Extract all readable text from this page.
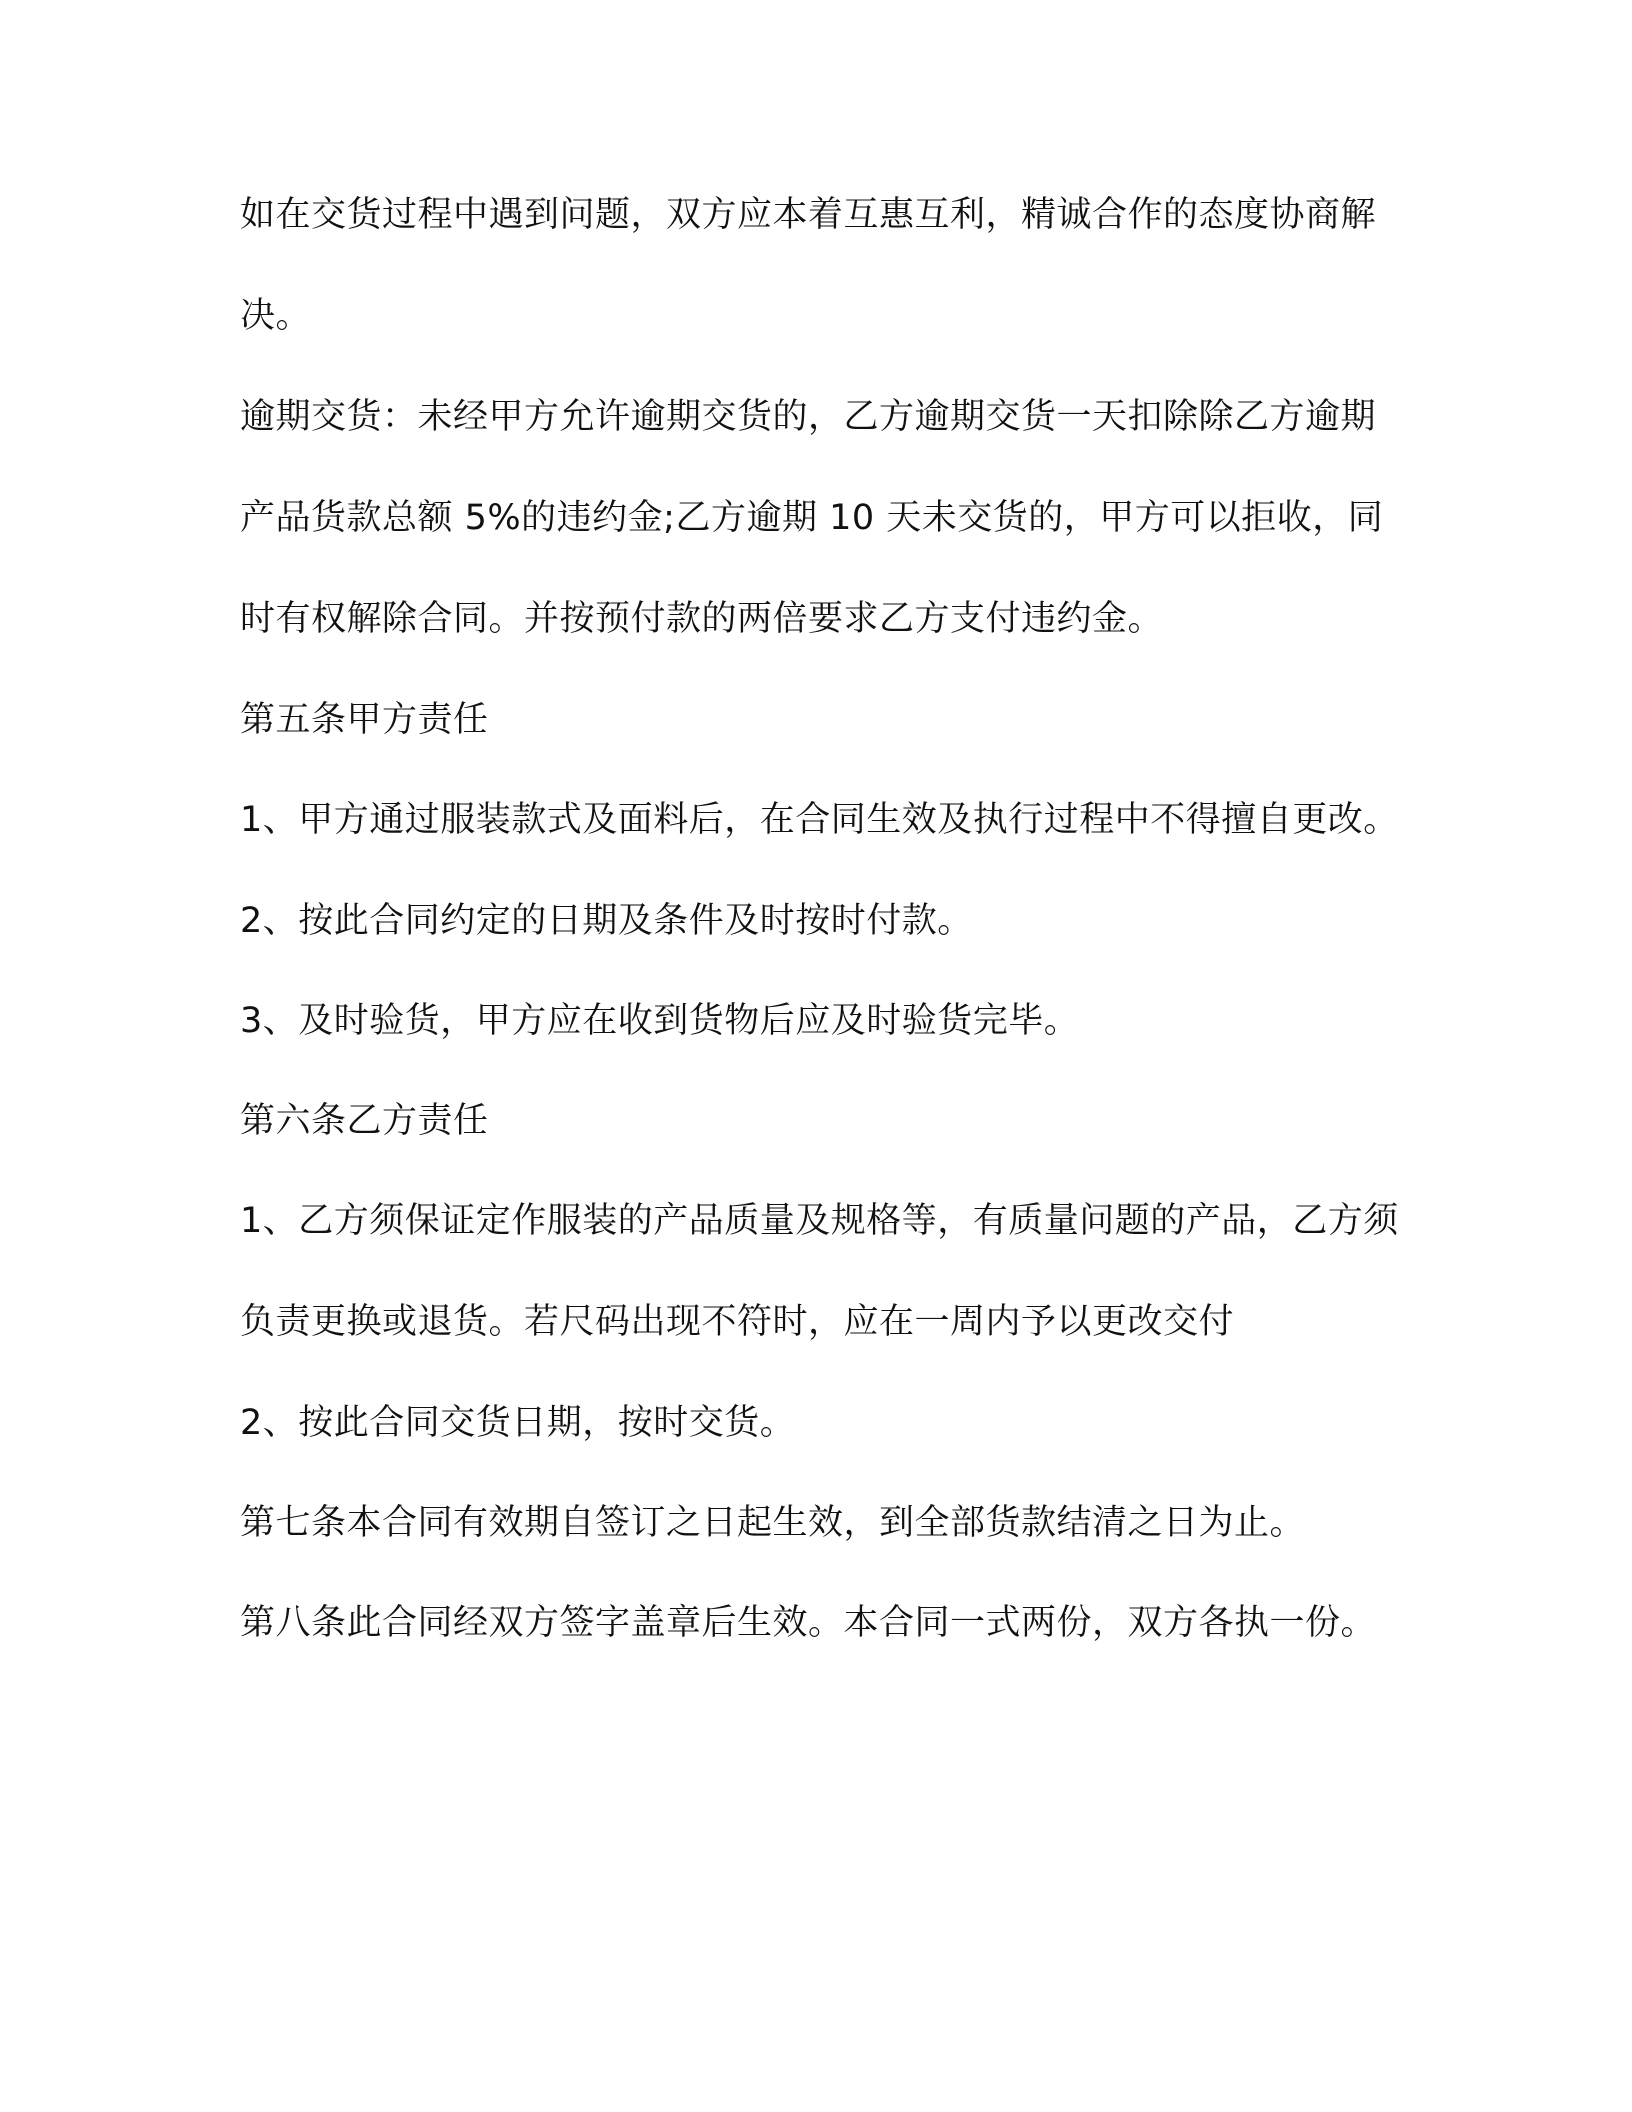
如在交货过程中遇到问题，双方应本着互惠互利，精诚合作的态度协商解决。

逾期交货：未经甲方允许逾期交货的，乙方逾期交货一天扣除除乙方逾期产品货款总额 5%的违约金;乙方逾期 10 天未交货的，甲方可以拒收，同时有权解除合同。并按预付款的两倍要求乙方支付违约金。

第五条甲方责任

1、甲方通过服装款式及面料后，在合同生效及执行过程中不得擅自更改。

2、按此合同约定的日期及条件及时按时付款。

3、及时验货，甲方应在收到货物后应及时验货完毕。

第六条乙方责任

1、乙方须保证定作服装的产品质量及规格等，有质量问题的产品，乙方须负责更换或退货。若尺码出现不符时，应在一周内予以更改交付

2、按此合同交货日期，按时交货。

第七条本合同有效期自签订之日起生效，到全部货款结清之日为止。

第八条此合同经双方签字盖章后生效。本合同一式两份，双方各执一份。
